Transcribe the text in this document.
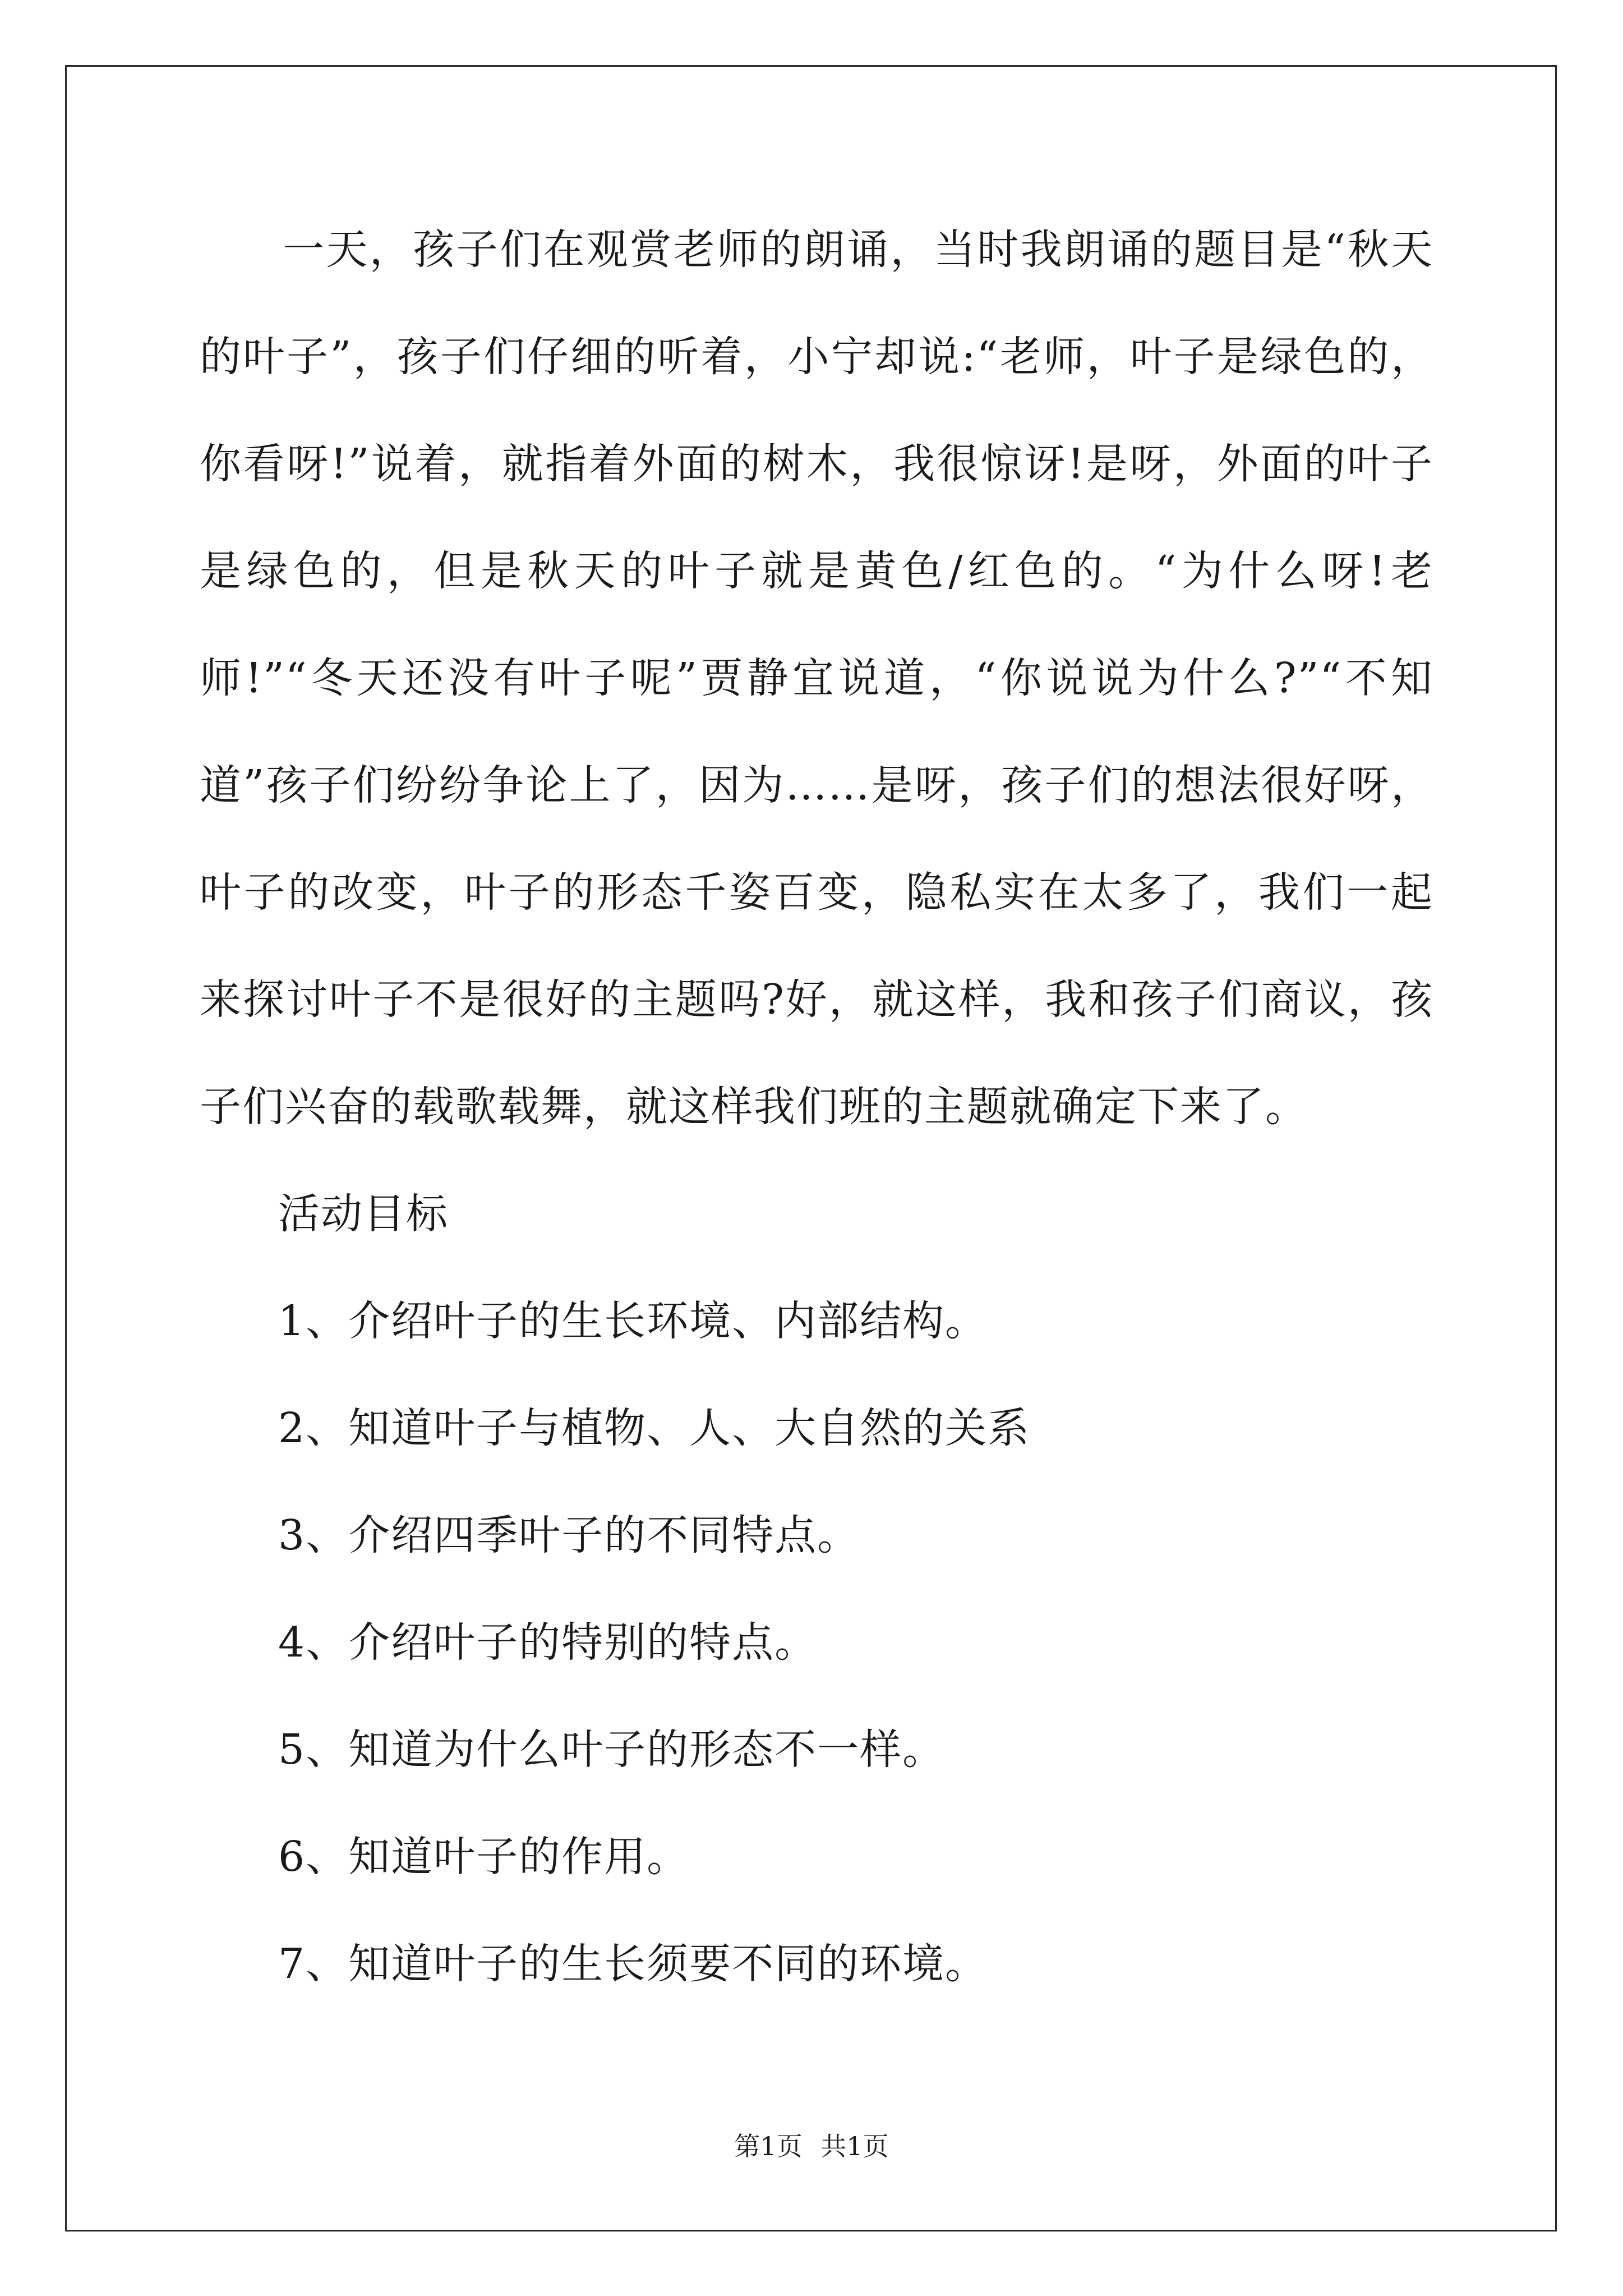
一天，孩子们在观赏老师的朗诵，当时我朗诵的题目是“秋天的叶子”，孩子们仔细的听着，小宁却说:“老师，叶子是绿色的，你看呀!”说着，就指着外面的树木，我很惊讶!是呀，外面的叶子是绿色的，但是秋天的叶子就是黄色/红色的。“为什么呀!老师!”“冬天还没有叶子呢”贾静宜说道，“你说说为什么?”“不知道”孩子们纷纷争论上了，因为……是呀，孩子们的想法很好呀，叶子的改变，叶子的形态千姿百变，隐私实在太多了，我们一起来探讨叶子不是很好的主题吗?好，就这样，我和孩子们商议，孩子们兴奋的载歌载舞，就这样我们班的主题就确定下来了。

活动目标

1、介绍叶子的生长环境、内部结构。

2、知道叶子与植物、人、大自然的关系

3、介绍四季叶子的不同特点。

4、介绍叶子的特别的特点。

5、知道为什么叶子的形态不一样。

6、知道叶子的作用。

7、知道叶子的生长须要不同的环境。

第1页 共1页
